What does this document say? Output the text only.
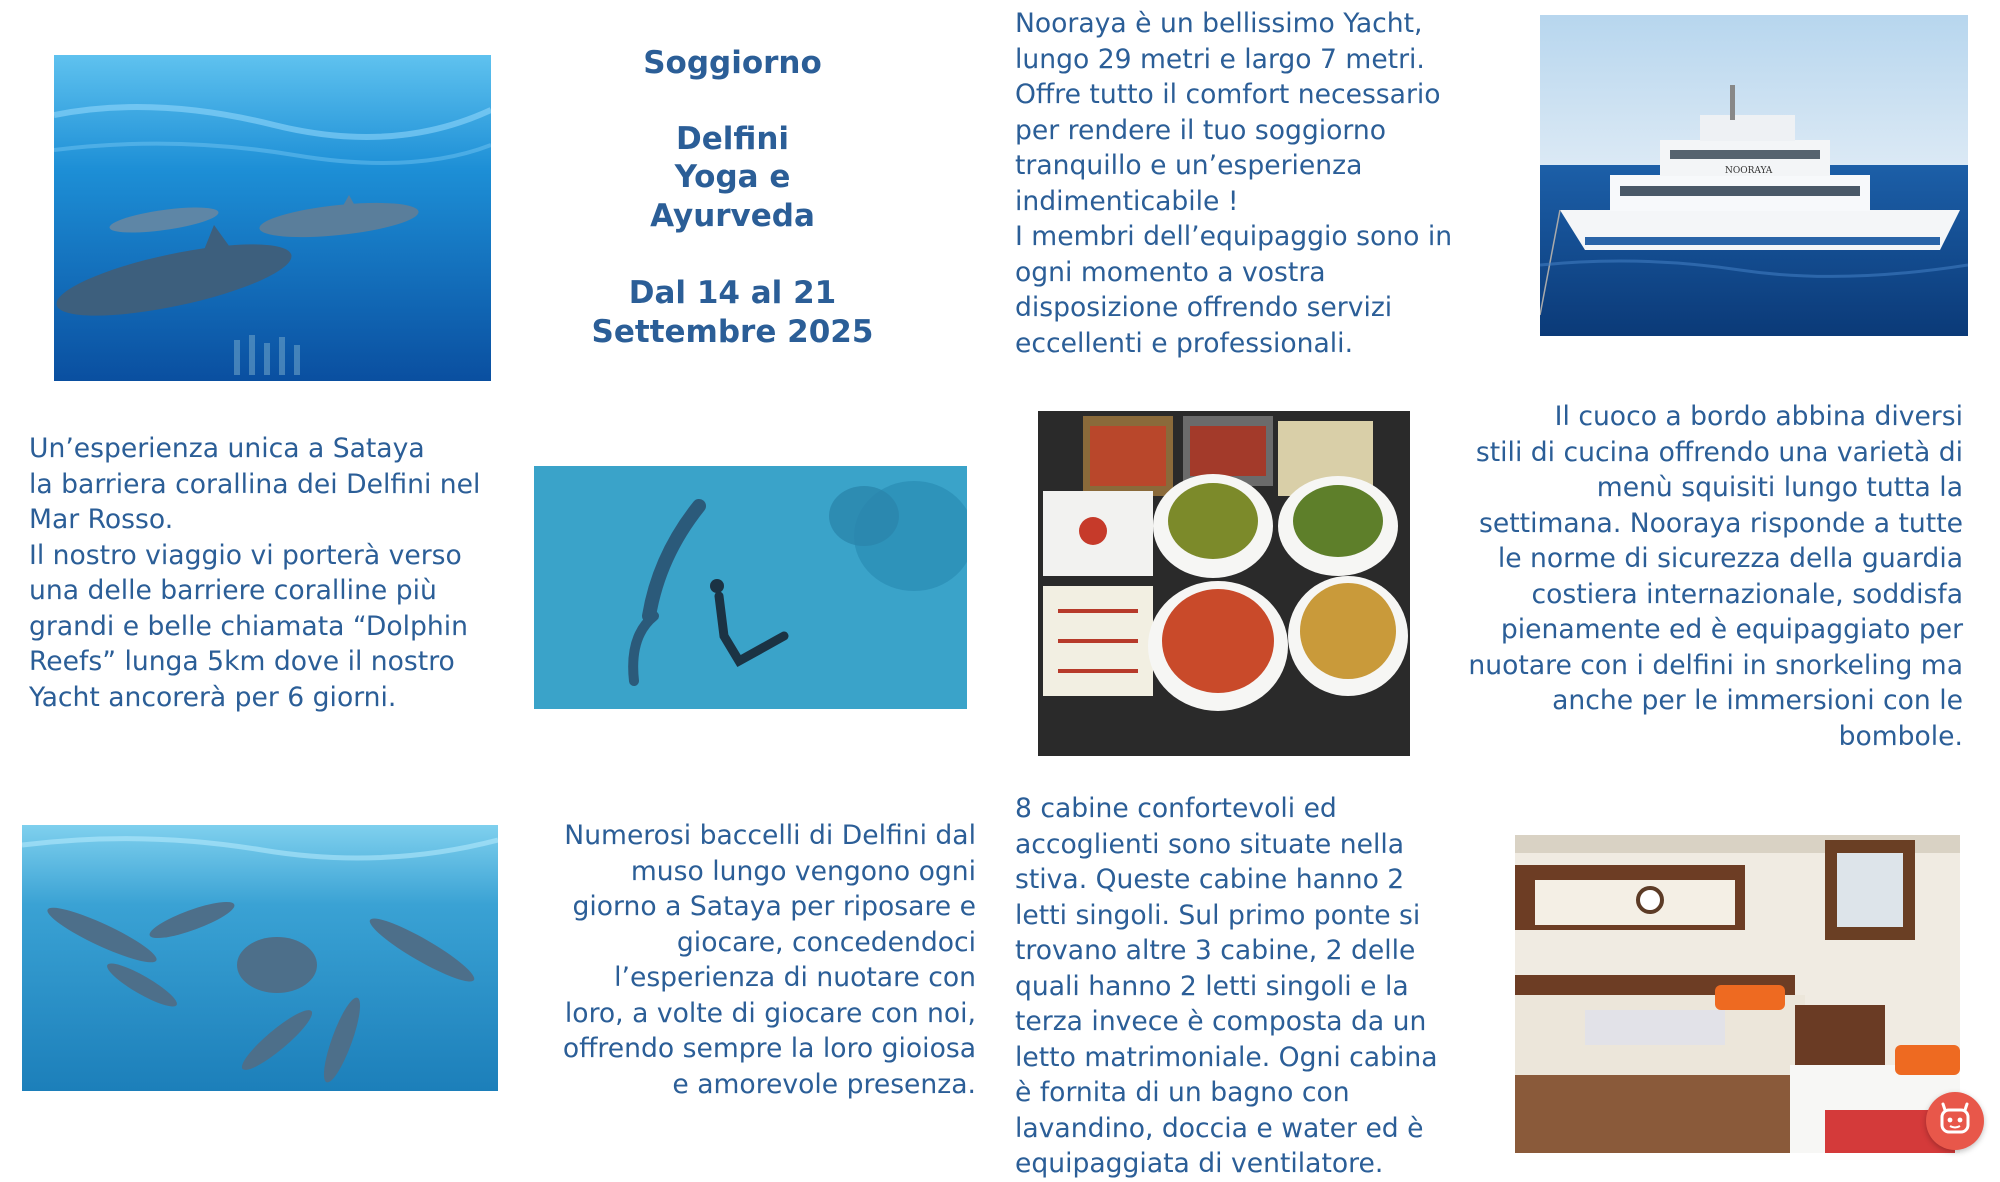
Soggiorno
Delfini
Yoga e
Ayurveda
Dal 14 al 21
Settembre 2025

Nooraya è un bellissimo Yacht,
lungo 29 metri e largo 7 metri.
Offre tutto il comfort necessario
per rendere il tuo soggiorno
tranquillo e un’esperienza
indimenticabile !
I membri dell’equipaggio sono in
ogni momento a vostra
disposizione offrendo servizi
eccellenti e professionali.

NOORAYA

Un’esperienza unica a Sataya
la barriera corallina dei Delfini nel
Mar Rosso.
Il nostro viaggio vi porterà verso
una delle barriere coralline più
grandi e belle chiamata “Dolphin
Reefs” lunga 5km dove il nostro
Yacht ancorerà per 6 giorni.

Il cuoco a bordo abbina diversi
stili di cucina offrendo una varietà di
menù squisiti lungo tutta la
settimana. Nooraya risponde a tutte
le norme di sicurezza della guardia
costiera internazionale, soddisfa
pienamente ed è equipaggiato per
nuotare con i delfini in snorkeling ma
anche per le immersioni con le
bombole.

Numerosi baccelli di Delfini dal
muso lungo vengono ogni
giorno a Sataya per riposare e
giocare, concedendoci
l’esperienza di nuotare con
loro, a volte di giocare con noi,
offrendo sempre la loro gioiosa
e amorevole presenza.

8 cabine confortevoli ed
accoglienti sono situate nella
stiva. Queste cabine hanno 2
letti singoli. Sul primo ponte si
trovano altre 3 cabine, 2 delle
quali hanno 2 letti singoli e la
terza invece è composta da un
letto matrimoniale. Ogni cabina
è fornita di un bagno con
lavandino, doccia e water ed è
equipaggiata di ventilatore.
